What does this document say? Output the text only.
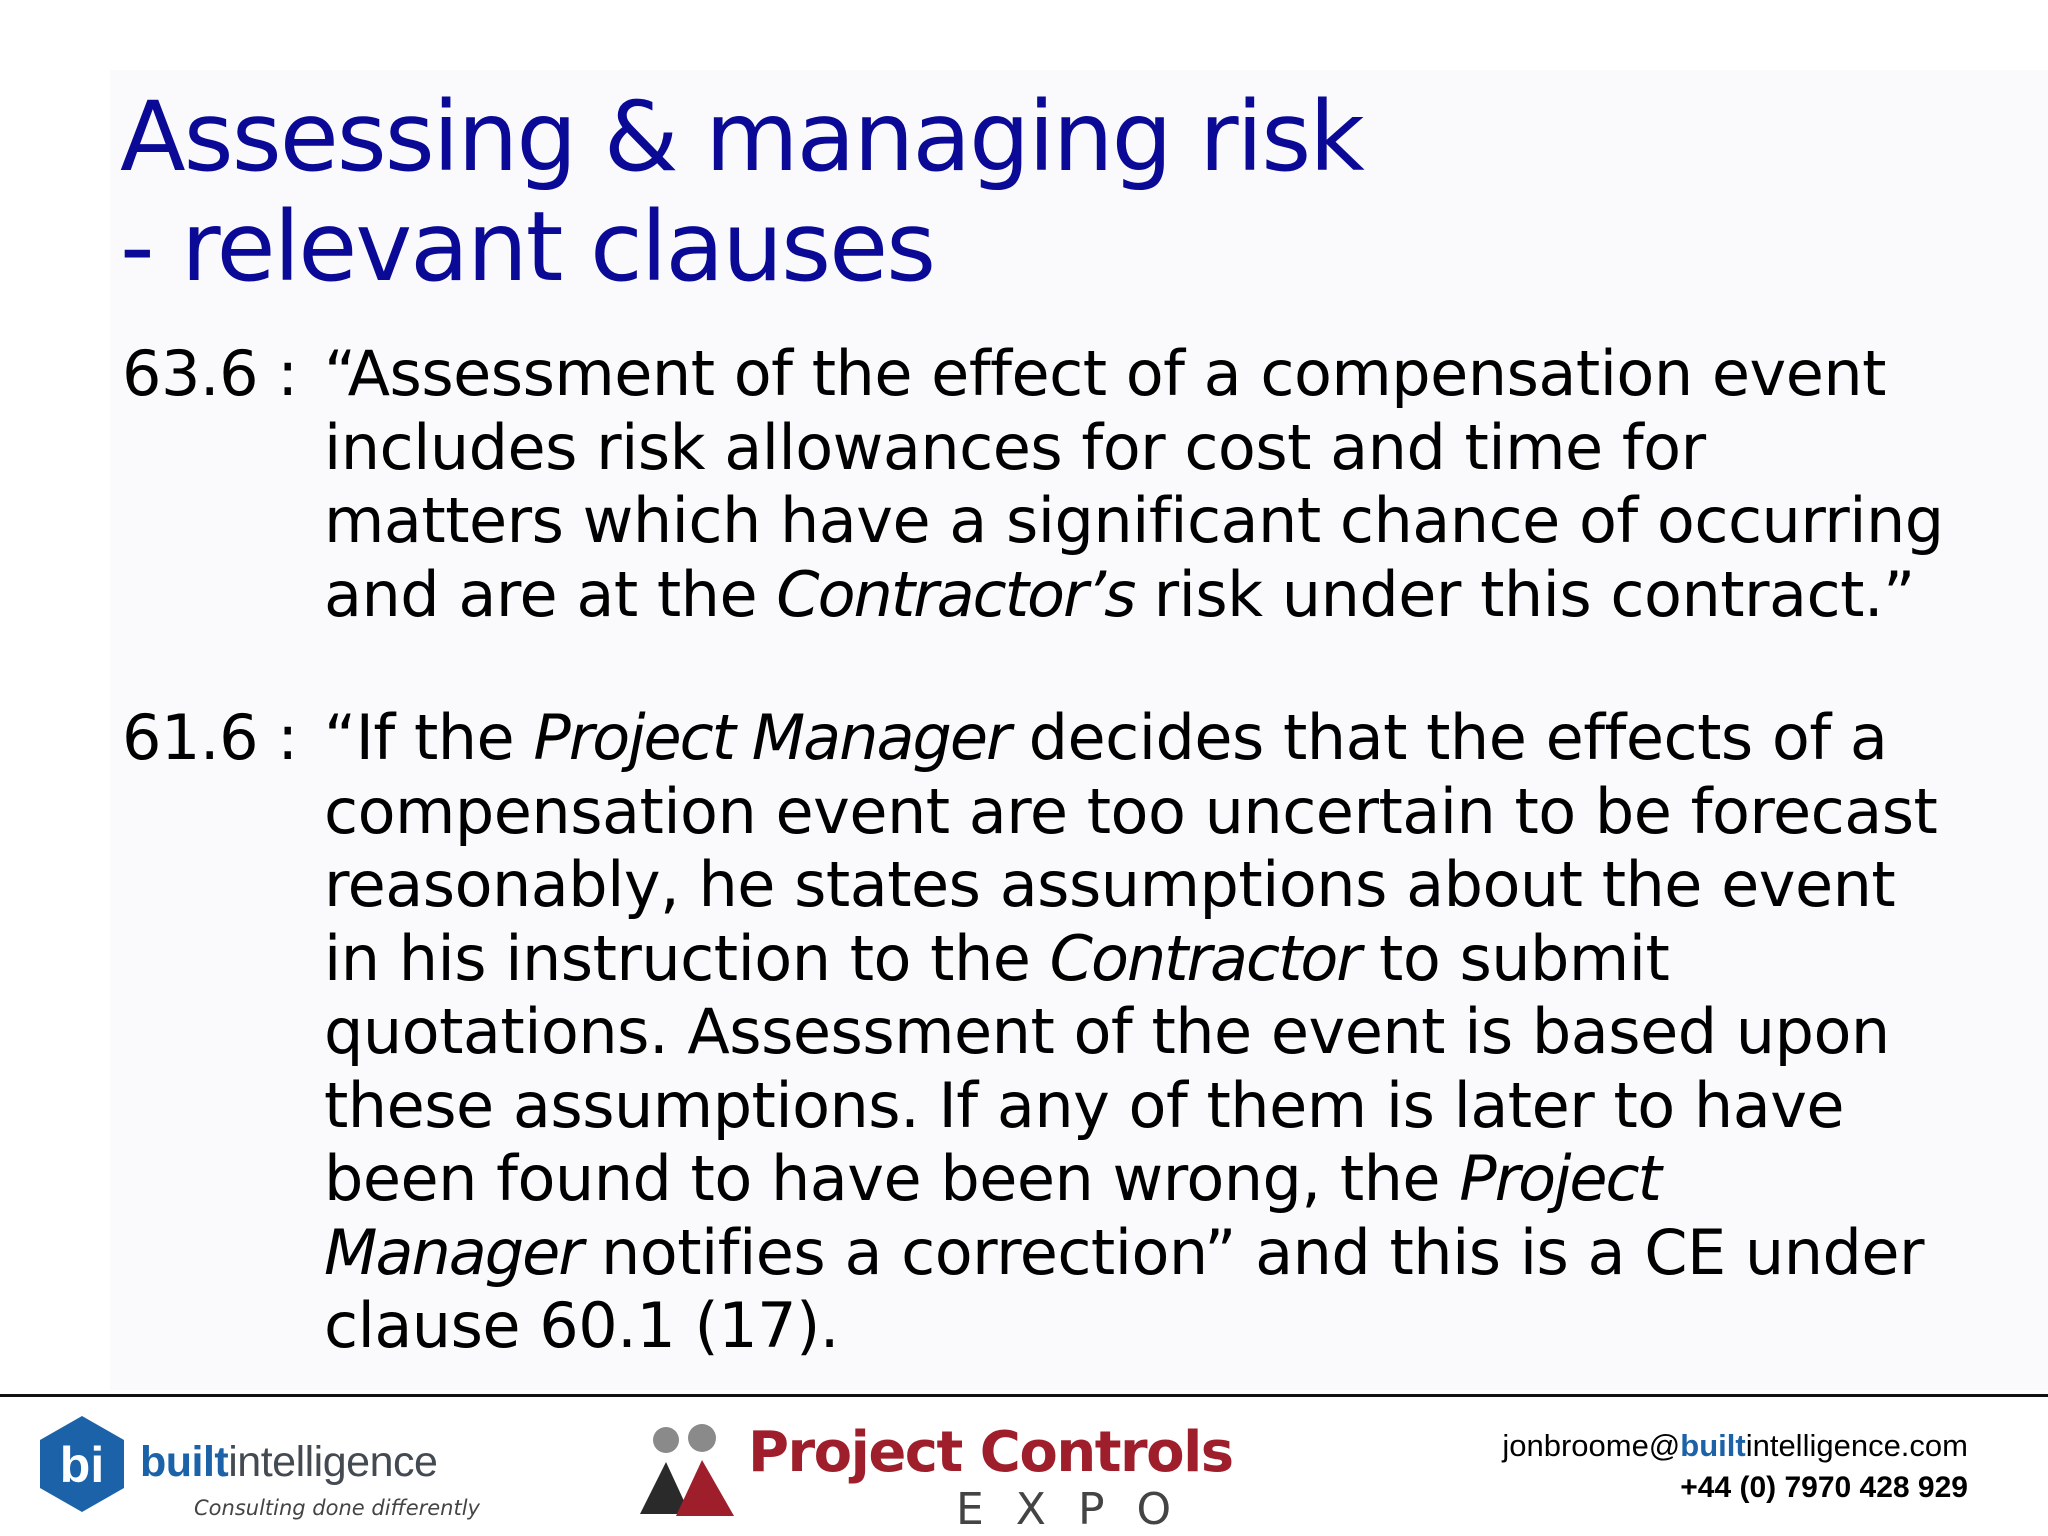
Assessing & managing risk
- relevant clauses
63.6 : “Assessment of the effect of a compensation event
includes risk allowances for cost and time for
matters which have a significant chance of occurring
and are at the Contractor’s risk under this contract.”
61.6 : “If the Project Manager decides that the effects of a
compensation event are too uncertain to be forecast
reasonably, he states assumptions about the event
in his instruction to the Contractor to submit
quotations. Assessment of the event is based upon
these assumptions. If any of them is later to have
been found to have been wrong, the Project
Manager notifies a correction” and this is a CE under
clause 60.1 (17).
bi builtintelligence
Consulting done differently
Project Controls
EXPO
jonbroome@builtintelligence.com
+44 (0) 7970 428 929
